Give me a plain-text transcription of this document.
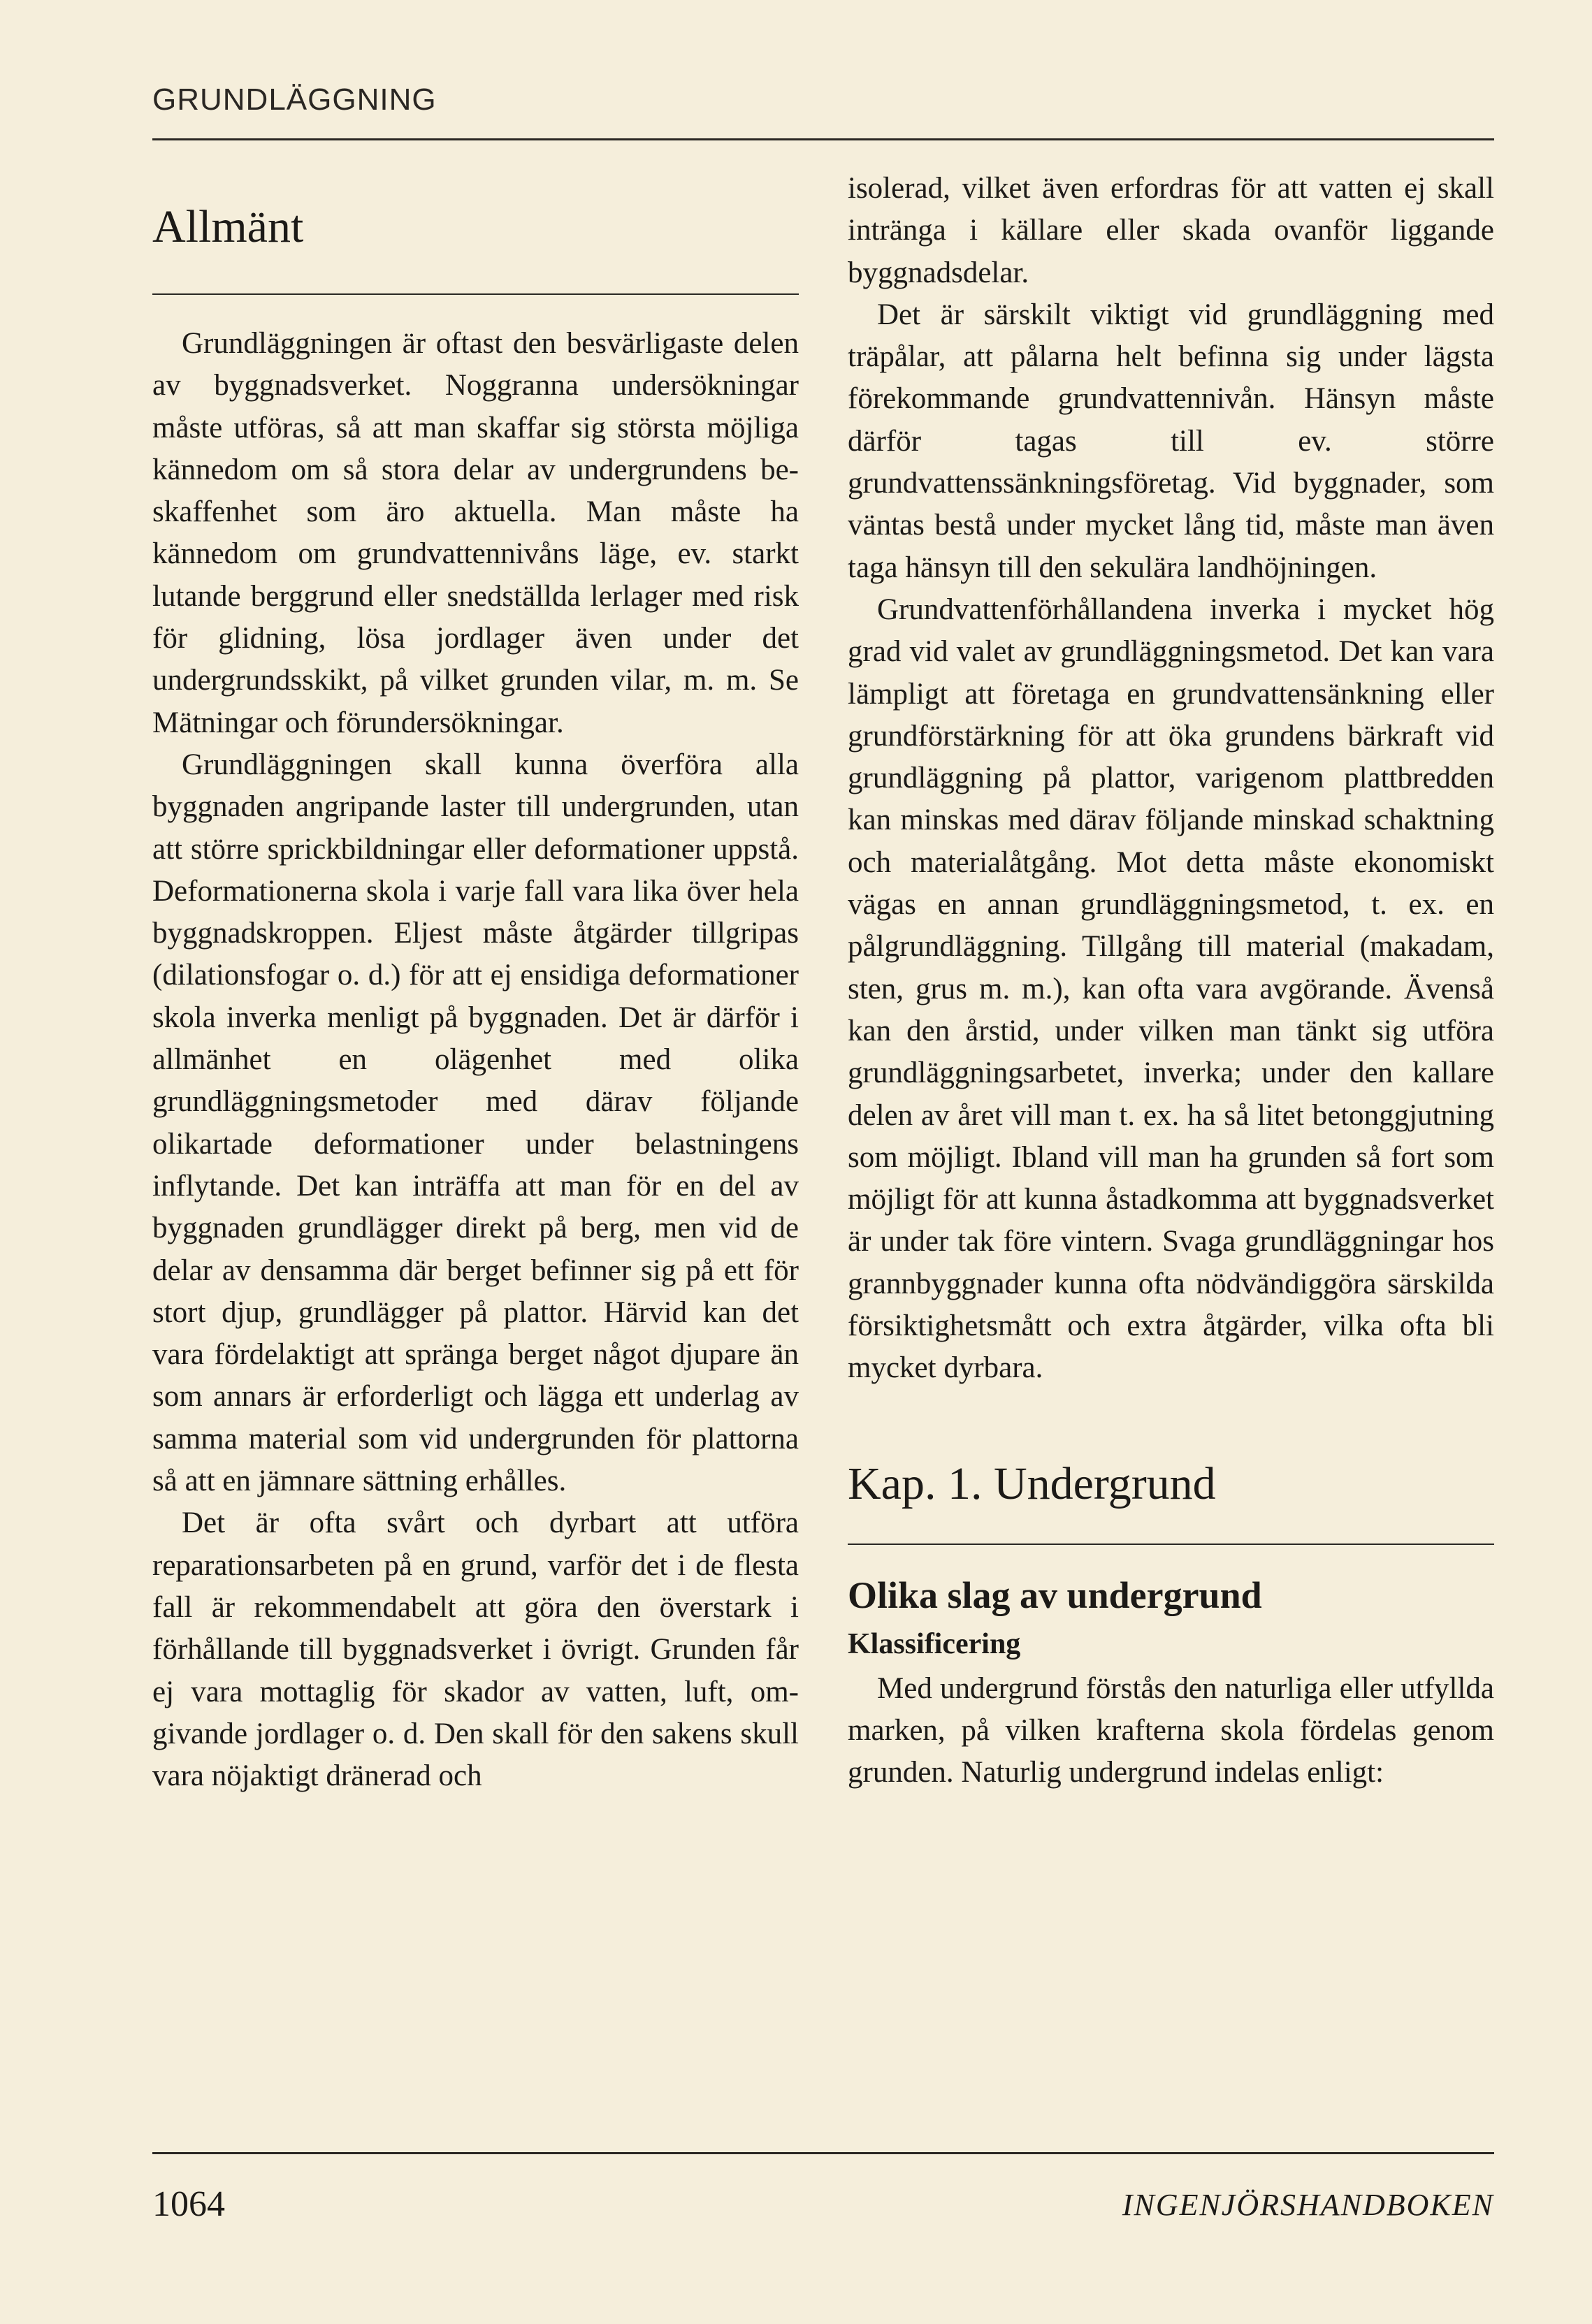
GRUNDLÄGGNING
Allmänt

Grundläggningen är oftast den besvärligaste delen av byggnadsverket. Noggranna undersökningar måste utföras, så att man skaffar sig största möjliga kännedom om så stora delar av undergrundens beskaffenhet som äro aktuella. Man måste ha kännedom om grundvattennivåns läge, ev. starkt lutande berggrund eller snedställda lerlager med risk för glidning, lösa jordlager även under det undergrundsskikt, på vilket grunden vilar, m. m. Se Mätningar och förundersökningar.

Grundläggningen skall kunna överföra alla byggnaden angripande laster till undergrunden, utan att större sprickbildningar eller deformationer uppstå. Deformationerna skola i varje fall vara lika över hela byggnadskroppen. Eljest måste åtgärder tillgripas (dilationsfogar o. d.) för att ej ensidiga deformationer skola inverka menligt på byggnaden. Det är därför i allmänhet en olägenhet med olika grundläggningsmetoder med därav följande olikartade deformationer under belastningens inflytande. Det kan inträffa att man för en del av byggnaden grundlägger direkt på berg, men vid de delar av densamma där berget befinner sig på ett för stort djup, grundlägger på plattor. Härvid kan det vara fördelaktigt att spränga berget något djupare än som annars är erforderligt och lägga ett underlag av samma material som vid undergrunden för plattorna så att en jämnare sättning erhålles.

Det är ofta svårt och dyrbart att utföra reparationsarbeten på en grund, varför det i de flesta fall är rekommendabelt att göra den överstark i förhållande till byggnadsverket i övrigt. Grunden får ej vara mottaglig för skador av vatten, luft, omgivande jordlager o. d. Den skall för den sakens skull vara nöjaktigt dränerad och

isolerad, vilket även erfordras för att vatten ej skall intränga i källare eller skada ovanför liggande byggnadsdelar.

Det är särskilt viktigt vid grundläggning med träpålar, att pålarna helt befinna sig under lägsta förekommande grundvattennivån. Hänsyn måste därför tagas till ev. större grundvattenssänkningsföretag. Vid byggnader, som väntas bestå under mycket lång tid, måste man även taga hänsyn till den sekulära landhöjningen.

Grundvattenförhållandena inverka i mycket hög grad vid valet av grundläggningsmetod. Det kan vara lämpligt att företaga en grundvattensänkning eller grundförstärkning för att öka grundens bärkraft vid grundläggning på plattor, varigenom plattbredden kan minskas med därav följande minskad schaktning och materialåtgång. Mot detta måste ekonomiskt vägas en annan grundläggningsmetod, t. ex. en pålgrundläggning. Tillgång till material (makadam, sten, grus m. m.), kan ofta vara avgörande. Ävenså kan den årstid, under vilken man tänkt sig utföra grundläggningsarbetet, inverka; under den kallare delen av året vill man t. ex. ha så litet betonggjutning som möjligt. Ibland vill man ha grunden så fort som möjligt för att kunna åstadkomma att byggnadsverket är under tak före vintern. Svaga grundläggningar hos grannbyggnader kunna ofta nödvändiggöra särskilda försiktighetsmått och extra åtgärder, vilka ofta bli mycket dyrbara.

Kap. 1. Undergrund
Olika slag av undergrund
Klassificering

Med undergrund förstås den naturliga eller utfyllda marken, på vilken krafterna skola fördelas genom grunden. Naturlig undergrund indelas enligt:

1064	INGENJÖRSHANDBOKEN
